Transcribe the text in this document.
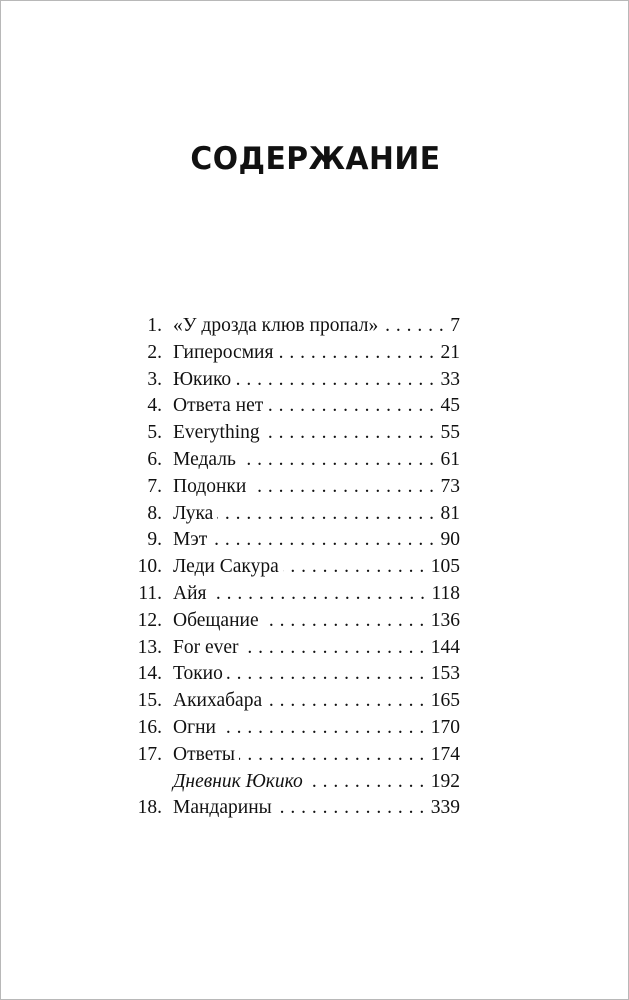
СОДЕРЖАНИЕ
1. «У дрозда клюв пропал» . . .	7
2. Гиперосмия . . .	21
3. Юкико . . .	33
4. Ответа нет . . .	45
5. Everything . . .	55
6. Медаль . . .	61
7. Подонки . . .	73
8. Лука . . .	81
9. Мэт . . .	90
10. Леди Сакура . . .	105
11. Айя . . .	118
12. Обещание . . .	136
13. For ever . . .	144
14. Токио . . .	153
15. Акихабара . . .	165
16. Огни . . .	170
17. Ответы . . .	174
Дневник Юкико . . .	192
18. Мандарины . . .	339
